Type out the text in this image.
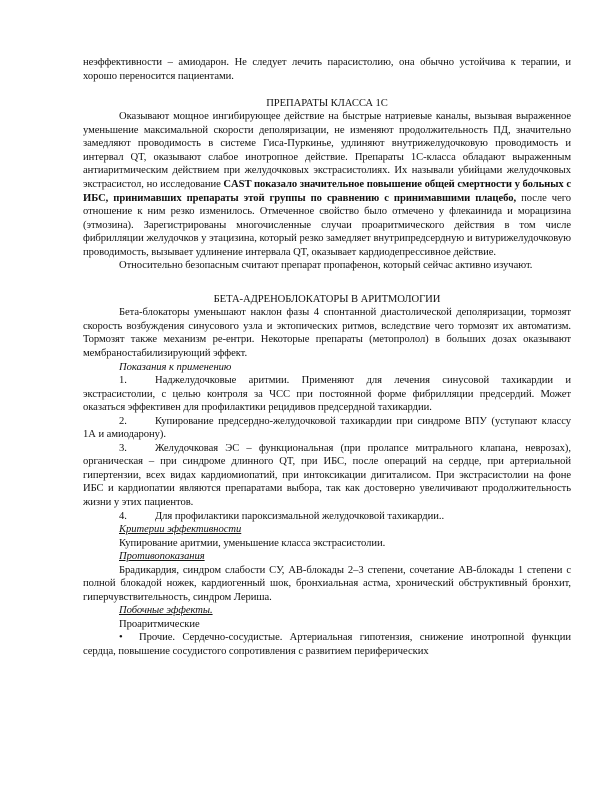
неэффективности – амиодарон. Не следует лечить парасистолию, она обычно устойчива к терапии, и хорошо переносится пациентами.

ПРЕПАРАТЫ КЛАССА 1С

Оказывают мощное ингибирующее действие на быстрые натриевые каналы, вызывая выраженное уменьшение максимальной скорости деполяризации, не изменяют продолжительность ПД, значительно замедляют проводимость в системе Гиса-Пуркинье, удлиняют внутрижелудочковую проводимость и интервал QT, оказывают слабое инотропное действие. Препараты 1С-класса обладают выраженным антиаритмическим действием при желудочковых экстрасистолиях. Их называли убийцами желудочковых экстрасистол, но исследование CAST показало значительное повышение общей смертности у больных с ИБС, принимавших препараты этой группы по сравнению с принимавшими плацебо, после чего отношение к ним резко изменилось. Отмеченное свойство было отмечено у флекаинида и морацизина (этмозина). Зарегистрированы многочисленные случаи проаритмического действия в том числе фибрилляции желудочков у этацизина, который резко замедляет внутрипредсердную и витурижелудочковую проводимость, вызывает удлинение интервала QT, оказывает кардиодепрессивное действие.

Относительно безопасным считают препарат пропафенон, который сейчас активно изучают.

БЕТА-АДРЕНОБЛОКАТОРЫ В АРИТМОЛОГИИ

Бета-блокаторы уменьшают наклон фазы 4 спонтанной диастолической деполяризации, тормозят скорость возбуждения синусового узла и эктопических ритмов, вследствие чего тормозят их автоматизм. Тормозят также механизм ре-ентри. Некоторые препараты (метопролол) в больших дозах оказывают мембраностабилизирующий эффект.

Показания к применению

1.	Наджелудочковые аритмии. Применяют для лечения синусовой тахикардии и экстрасистолии, с целью контроля за ЧСС при постоянной форме фибрилляции предсердий. Может оказаться эффективен для профилактики рецидивов предсердной тахикардии.

2.	Купирование предсердно-желудочковой тахикардии при синдроме ВПУ (уступают классу 1А и амиодарону).

3.	Желудочковая ЭС – функциональная (при пролапсе митрального клапана, неврозах), органическая – при синдроме длинного QT, при ИБС, после операций на сердце, при артериальной гипертензии, всех видах кардиомиопатий, при интоксикации дигиталисом. При экстрасистолии на фоне ИБС и кардиопатии являются препаратами выбора, так как достоверно увеличивают продолжительность жизни у этих пациентов.

4.	Для профилактики пароксизмальной желудочковой тахикардии..

Критерии эффективности

Купирование аритмии, уменьшение класса экстрасистолии.

Противопоказания

Брадикардия, синдром слабости СУ, АВ-блокады 2–3 степени, сочетание АВ-блокады 1 степени с полной блокадой ножек, кардиогенный шок, бронхиальная астма, хронический обструктивный бронхит, гиперчувствительность, синдром Лериша.

Побочные эффекты.

Проаритмические

• Прочие. Сердечно-сосудистые. Артериальная гипотензия, снижение инотропной функции сердца, повышение сосудистого сопротивления с развитием периферических
